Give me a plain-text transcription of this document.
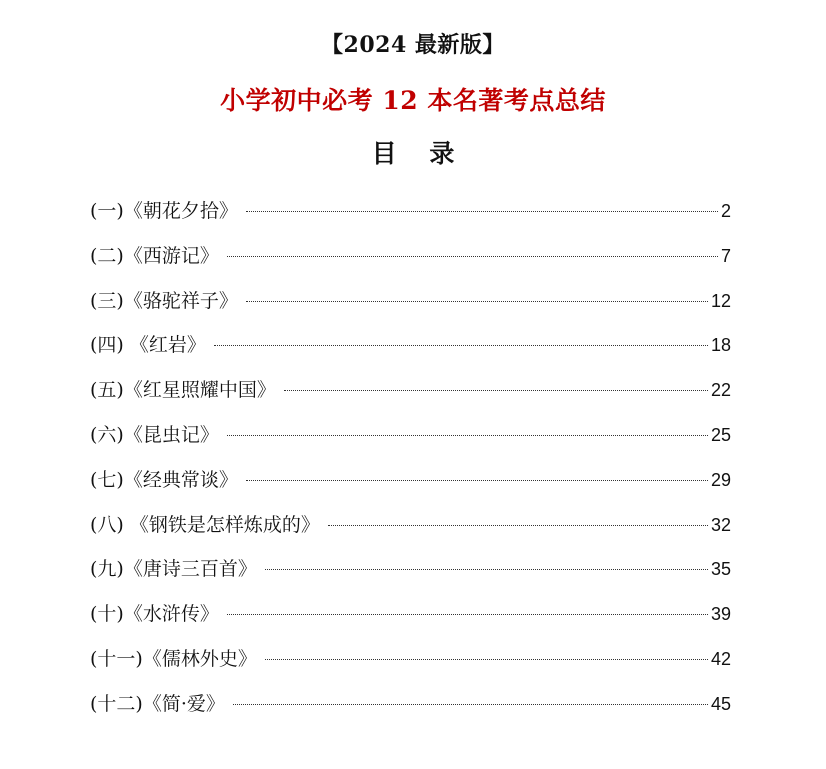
【2024 最新版】
小学初中必考 12 本名著考点总结
目 录
(一)《朝花夕拾》	2
(二)《西游记》	7
(三)《骆驼祥子》	12
(四) 《红岩》	18
(五)《红星照耀中国》	22
(六)《昆虫记》	25
(七)《经典常谈》	29
(八) 《钢铁是怎样炼成的》	32
(九)《唐诗三百首》	35
(十)《水浒传》	39
(十一)《儒林外史》	42
(十二)《简·爱》	45
